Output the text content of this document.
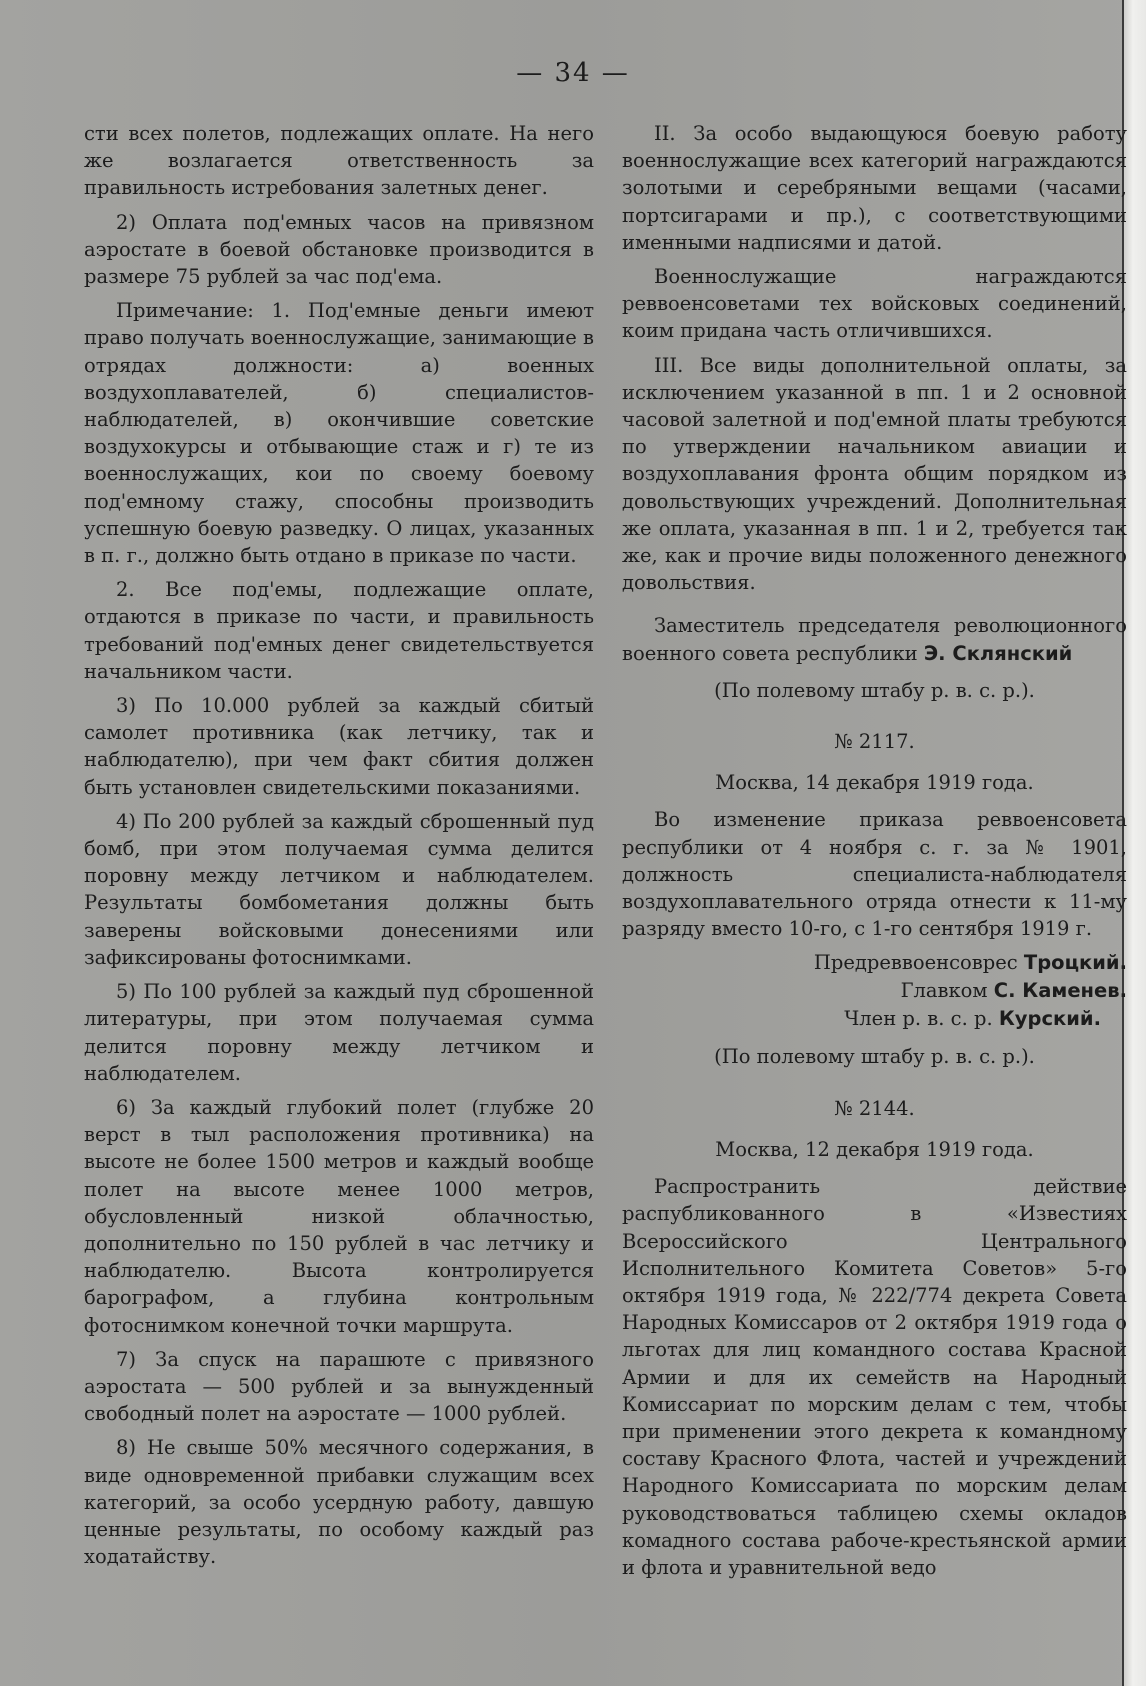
— 34 —

сти всех полетов, подлежащих оплате. На него же возлагается ответственность за правильность истребования залетных денег.

2) Оплата под'емных часов на привязном аэростате в боевой обстановке производится в размере 75 рублей за час под'ема.

Примечание: 1. Под'емные деньги имеют право получать военнослужащие, занимающие в отрядах должности: а) военных воздухоплавателей, б) специалистов-наблюдателей, в) окончившие советские воздухокурсы и отбывающие стаж и г) те из военнослужащих, кои по своему боевому под'емному стажу, способны производить успешную боевую разведку. О лицах, указанных в п. г., должно быть отдано в приказе по части.

2. Все под'емы, подлежащие оплате, отдаются в приказе по части, и правильность требований под'емных денег свидетельствуется начальником части.

3) По 10.000 рублей за каждый сбитый самолет противника (как летчику, так и наблюдателю), при чем факт сбития должен быть установлен свидетельскими показаниями.

4) По 200 рублей за каждый сброшенный пуд бомб, при этом получаемая сумма делится поровну между летчиком и наблюдателем. Результаты бомбометания должны быть заверены войсковыми донесениями или зафиксированы фотоснимками.

5) По 100 рублей за каждый пуд сброшенной литературы, при этом получаемая сумма делится поровну между летчиком и наблюдателем.

6) За каждый глубокий полет (глубже 20 верст в тыл расположения противника) на высоте не более 1500 метров и каждый вообще полет на высоте менее 1000 метров, обусловленный низкой облачностью, дополнительно по 150 рублей в час летчику и наблюдателю. Высота контролируется барографом, а глубина контрольным фотоснимком конечной точки маршрута.

7) За спуск на парашюте с привязного аэростата — 500 рублей и за вынужденный свободный полет на аэростате — 1000 рублей.

8) Не свыше 50% месячного содержания, в виде одновременной прибавки служащим всех категорий, за особо усердную работу, давшую ценные результаты, по особому каждый раз ходатайству.

II. За особо выдающуюся боевую работу военнослужащие всех категорий награждаются золотыми и серебряными вещами (часами, портсигарами и пр.), с соответствующими именными надписями и датой.

Военнослужащие награждаются реввоенсоветами тех войсковых соединений, коим придана часть отличившихся.

III. Все виды дополнительной оплаты, за исключением указанной в пп. 1 и 2 основной часовой залетной и под'емной платы требуются по утверждении начальником авиации и воздухоплавания фронта общим порядком из довольствующих учреждений. Дополнительная же оплата, указанная в пп. 1 и 2, требуется так же, как и прочие виды положенного денежного довольствия.

Заместитель председателя революционного военного совета республики Э. Склянский

(По полевому штабу р. в. с. р.).

№ 2117.

Москва, 14 декабря 1919 года.

Во изменение приказа реввоенсовета республики от 4 ноября с. г. за № 1901, должность специалиста-наблюдателя воздухоплавательного отряда отнести к 11-му разряду вместо 10-го, с 1-го сентября 1919 г.

Предреввоенсоврес Троцкий.
Главком С. Каменев.
Член р. в. с. р. Курский.

(По полевому штабу р. в. с. р.).

№ 2144.

Москва, 12 декабря 1919 года.

Распространить действие распубликованного в «Известиях Всероссийского Центрального Исполнительного Комитета Советов» 5-го октября 1919 года, № 222/774 декрета Совета Народных Комиссаров от 2 октября 1919 года о льготах для лиц командного состава Красной Армии и для их семейств на Народный Комиссариат по морским делам с тем, чтобы при применении этого декрета к командному составу Красного Флота, частей и учреждений Народного Комиссариата по морским делам руководствоваться таблицею схемы окладов комадного состава рабоче-крестьянской армии и флота и уравнительной ведо
